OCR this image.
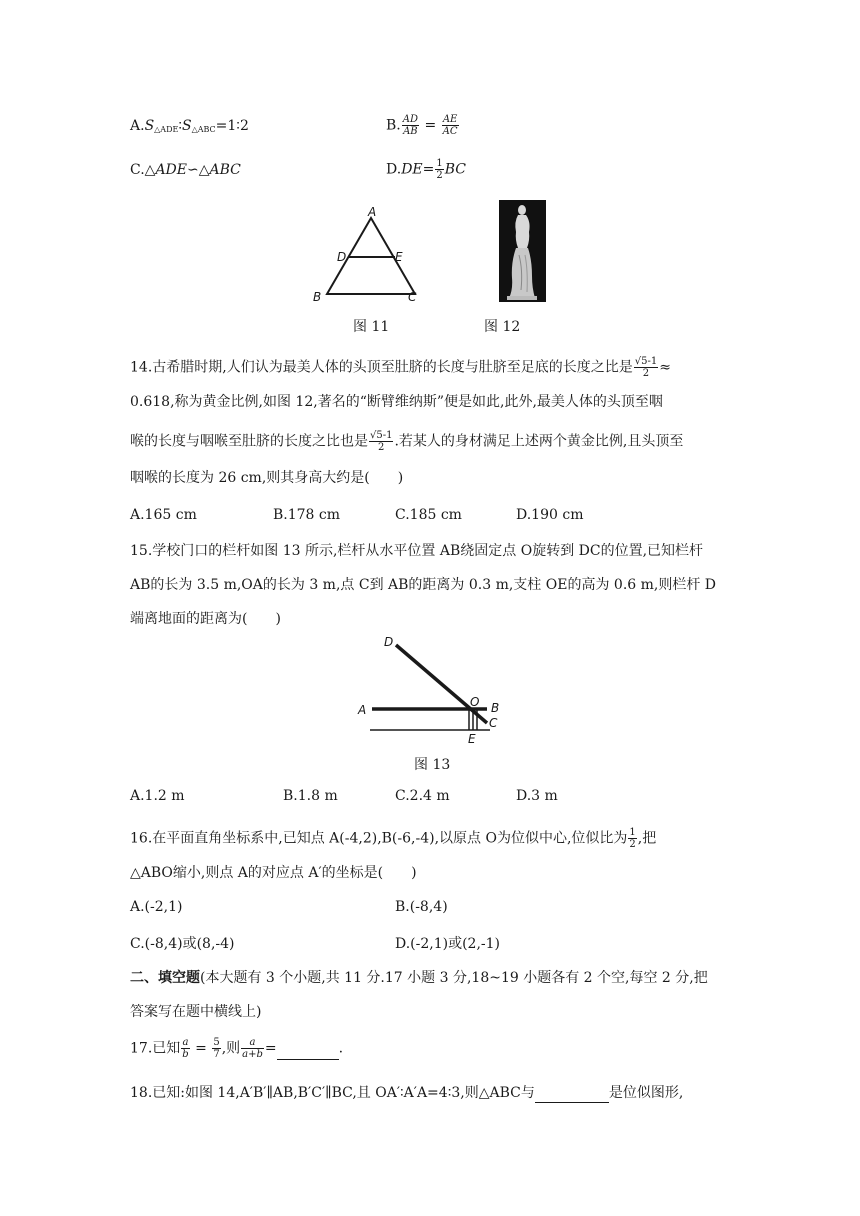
$A.S_{\triangle ADE}∶S_{\triangle ABC}=1∶2$	B. $\frac{AD}{AB} = \frac{AE}{AC}$
C.△ADE∽△ABC	$D.DE= \frac{1}{2}$ BC
A
B	C
D	E
图 11	图 12
14.古希腊时期,人们认为最美人体的头顶至肚脐的长度与肚脐至足底的长度之比是 $\frac{√5-1}{2}$ ≈
0.618,称为黄金比例,如图 12,著名的“断臂维纳斯”便是如此,此外,最美人体的头顶至咽
喉的长度与咽喉至肚脐的长度之比也是 $\frac{√5-1}{2}$ .若某人的身材满足上述两个黄金比例,且头顶至
咽喉的长度为 26 cm,则其身高大约是(　　)
A.165 cm	B.178 cm	C.185 cm	D.190 cm
15.学校门口的栏杆如图 13 所示,栏杆从水平位置 AB绕固定点 O旋转到 DC的位置,已知栏杆
AB的长为 3.5 m,OA的长为 3 m,点 C到 AB的距离为 0.3 m,支柱 OE的高为 0.6 m,则栏杆 D
端离地面的距离为(　　)
D
A
O B
C
E
图 13
A.1.2 m	B.1.8 m	C.2.4 m	D.3 m
16.在平面直角坐标系中,已知点 A(-4,2),B(-6,-4),以原点 O为位似中心,位似比为 $\frac{1}{2}$ ,把
△ABO缩小,则点 A的对应点 A′的坐标是(　　)
A.(-2,1)	B.(-8,4)
C.(-8,4)或(8,-4)	D.(-2,1)或(2,-1)
二、填空题(本大题有 3 个小题,共 11 分.17 小题 3 分,18~19 小题各有 2 个空,每空 2 分,把
答案写在题中横线上)
17.已知 $\frac{a}{b} = \frac{5}{7}$ ,则 $\frac{a}{a+b}$ =	.
18.已知:如图 14,A′B′∥AB,B′C′∥BC,且 OA′∶A′A=4∶3,则△ABC与	是位似图形,
